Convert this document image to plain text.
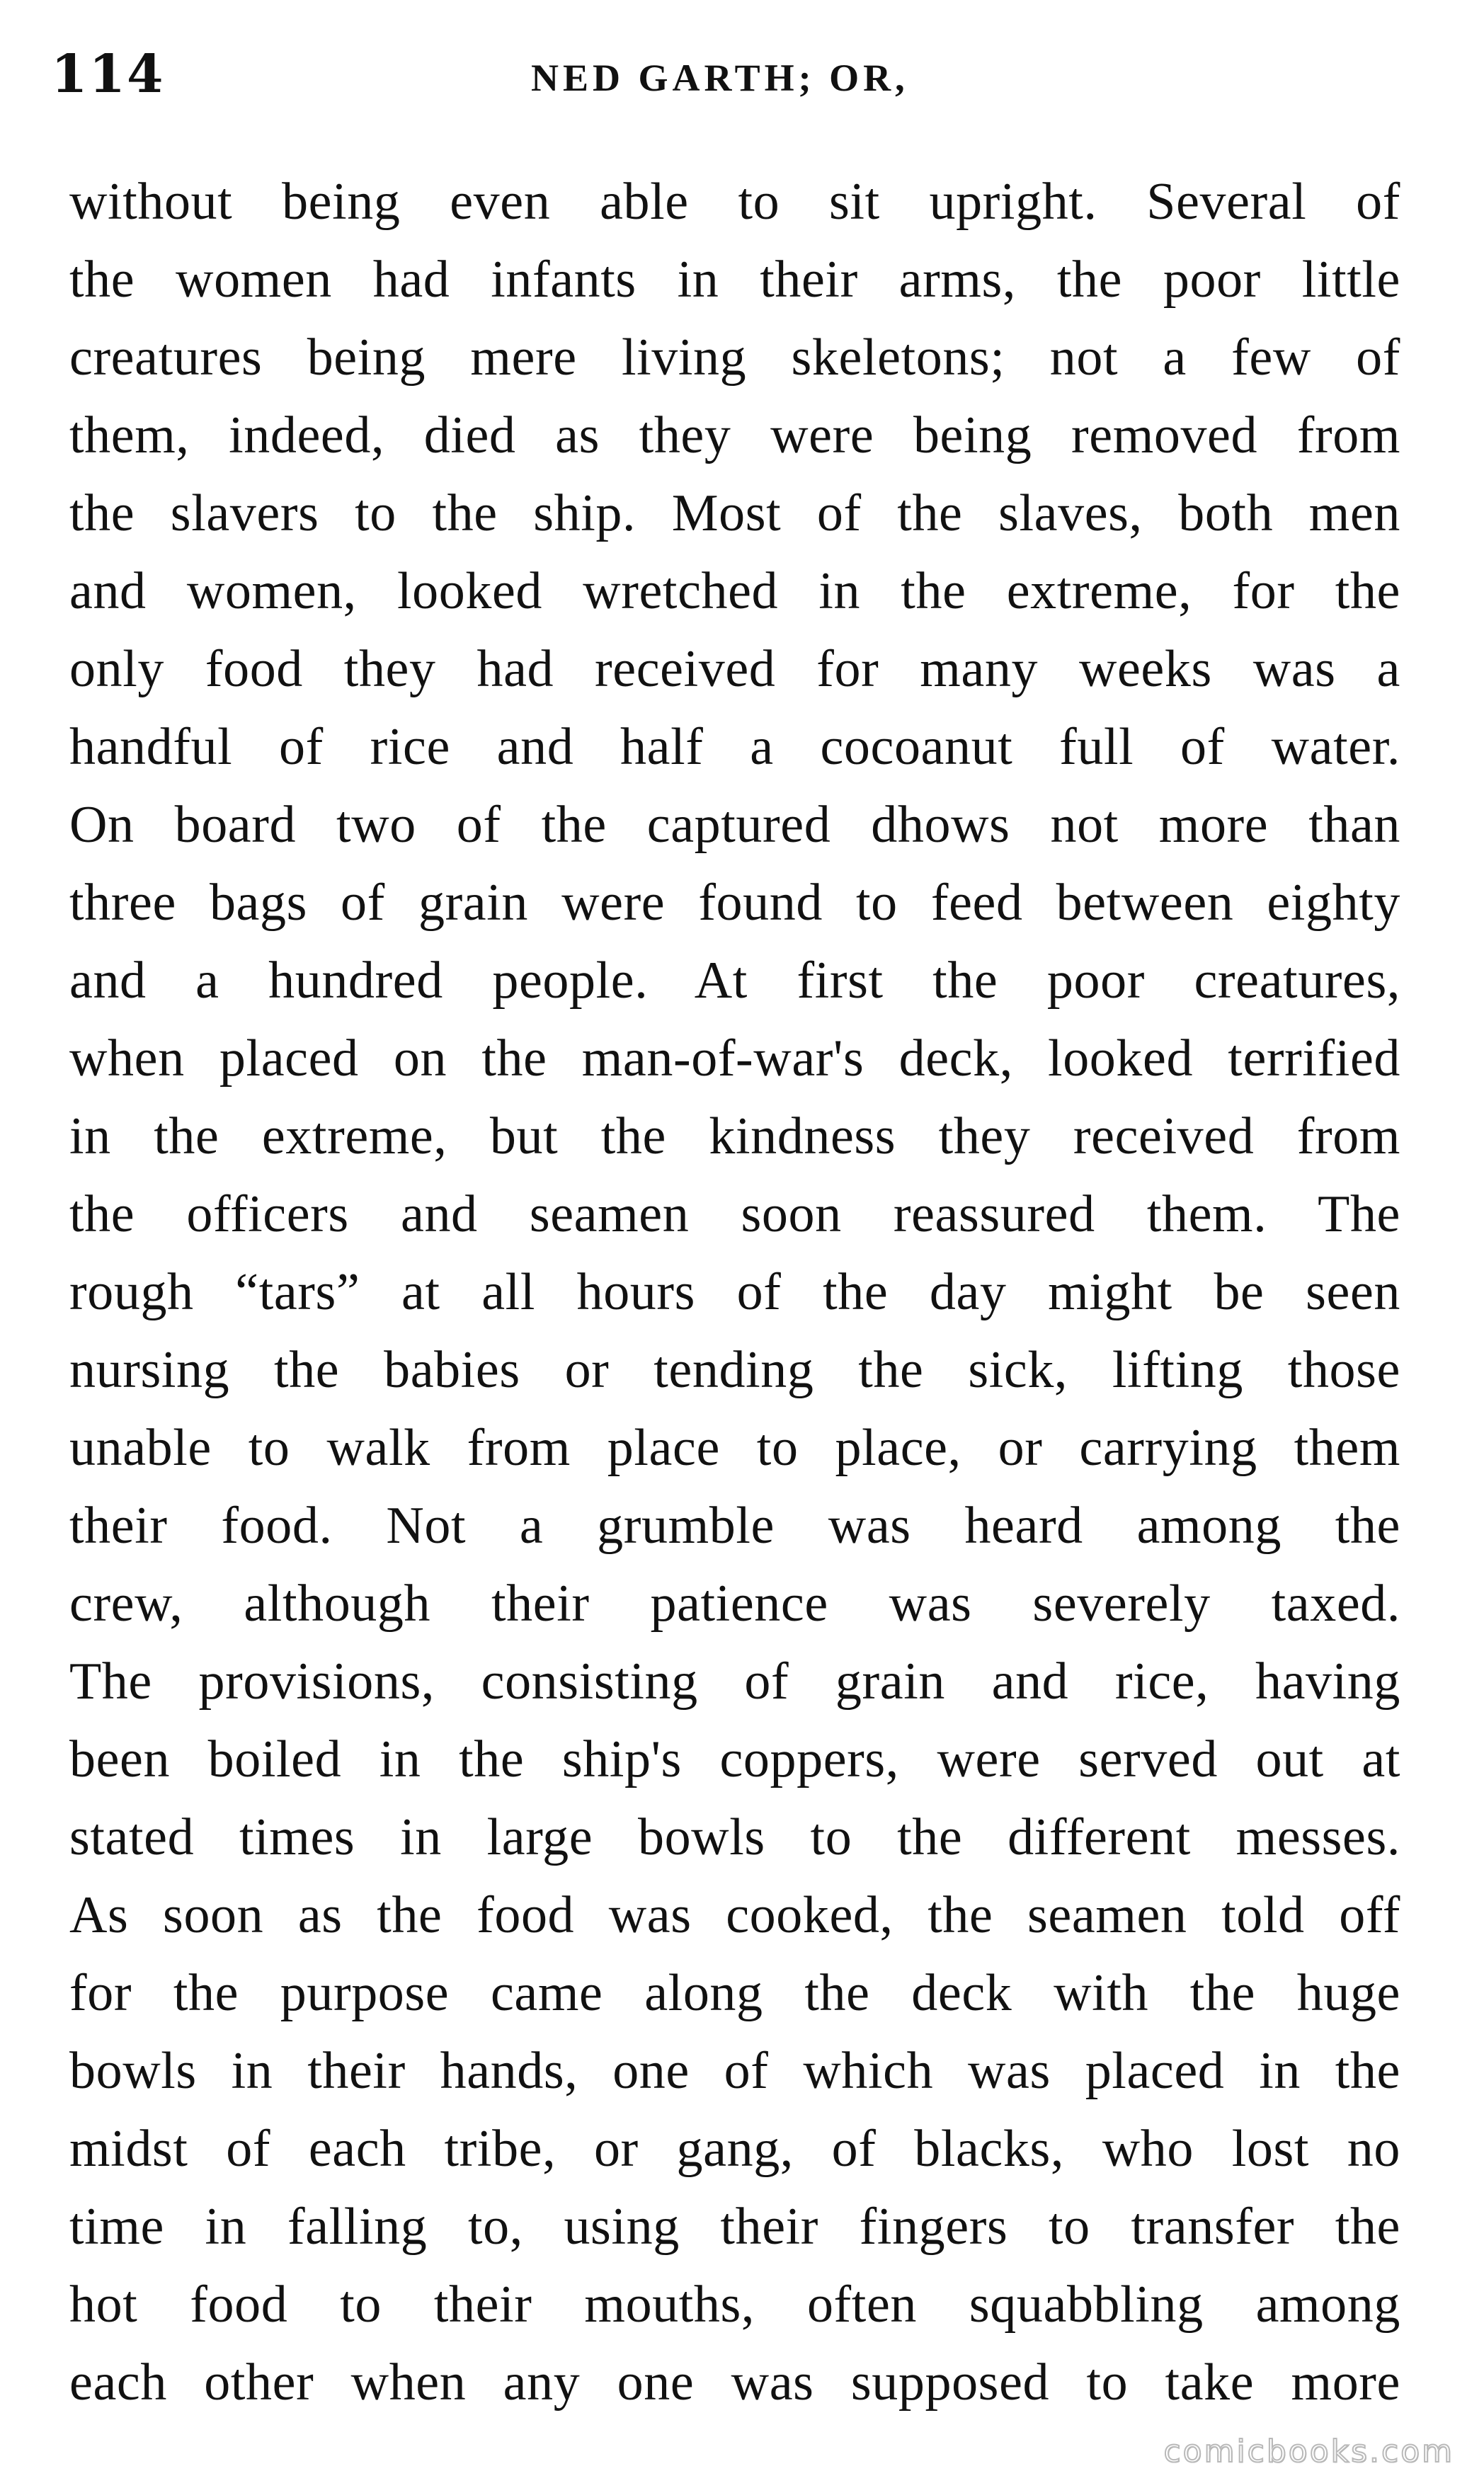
114	NED GARTH; OR,
without being even able to sit upright. Several of
the women had infants in their arms, the poor little
creatures being mere living skeletons; not a few of
them, indeed, died as they were being removed from
the slavers to the ship. Most of the slaves, both men
and women, looked wretched in the extreme, for the
only food they had received for many weeks was a
handful of rice and half a cocoanut full of water.
On board two of the captured dhows not more than
three bags of grain were found to feed between eighty
and a hundred people. At first the poor creatures,
when placed on the man-of-war's deck, looked terrified
in the extreme, but the kindness they received from
the officers and seamen soon reassured them. The
rough “tars” at all hours of the day might be seen
nursing the babies or tending the sick, lifting those
unable to walk from place to place, or carrying them
their food. Not a grumble was heard among the
crew, although their patience was severely taxed.
The provisions, consisting of grain and rice, having
been boiled in the ship's coppers, were served out at
stated times in large bowls to the different messes.
As soon as the food was cooked, the seamen told off
for the purpose came along the deck with the huge
bowls in their hands, one of which was placed in the
midst of each tribe, or gang, of blacks, who lost no
time in falling to, using their fingers to transfer the
hot food to their mouths, often squabbling among
each other when any one was supposed to take more
comicbooks.com
